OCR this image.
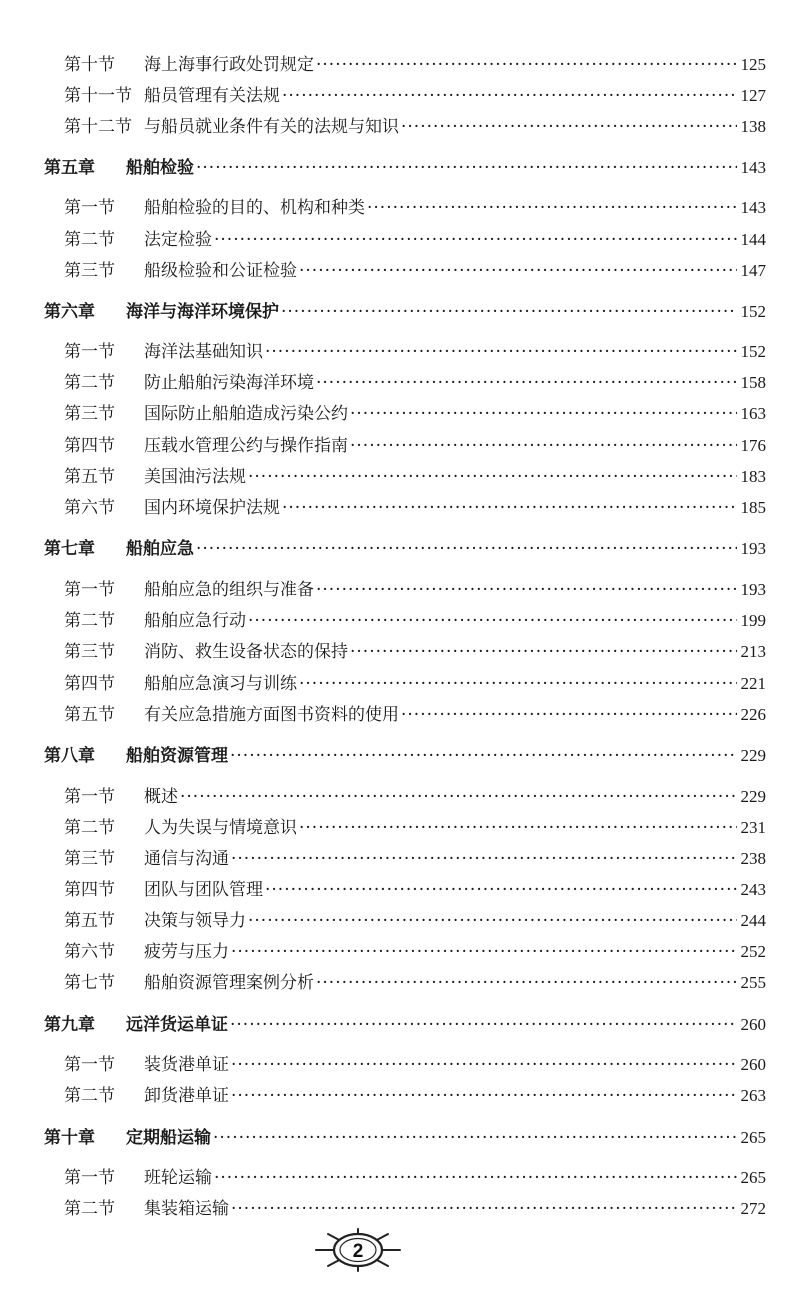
第十节	海上海事行政处罚规定 ·····	125
第十一节 船员管理有关法规 ·····	127
第十二节 与船员就业条件有关的法规与知识 ·····	138
第五章	船舶检验 ·····	143
第一节	船舶检验的目的、机构和种类 ·····	143
第二节	法定检验 ·····	144
第三节	船级检验和公证检验 ·····	147
第六章	海洋与海洋环境保护 ·····	152
第一节	海洋法基础知识 ·····	152
第二节	防止船舶污染海洋环境 ·····	158
第三节	国际防止船舶造成污染公约 ·····	163
第四节	压载水管理公约与操作指南 ·····	176
第五节	美国油污法规 ·····	183
第六节	国内环境保护法规 ·····	185
第七章	船舶应急 ·····	193
第一节	船舶应急的组织与准备 ·····	193
第二节	船舶应急行动 ·····	199
第三节	消防、救生设备状态的保持 ·····	213
第四节	船舶应急演习与训练 ·····	221
第五节	有关应急措施方面图书资料的使用 ·····	226
第八章	船舶资源管理 ·····	229
第一节	概述 ·····	229
第二节	人为失误与情境意识 ·····	231
第三节	通信与沟通 ·····	238
第四节	团队与团队管理 ·····	243
第五节	决策与领导力 ·····	244
第六节	疲劳与压力 ·····	252
第七节	船舶资源管理案例分析 ·····	255
第九章	远洋货运单证 ·····	260
第一节	装货港单证 ·····	260
第二节	卸货港单证 ·····	263
第十章	定期船运输 ·····	265
第一节	班轮运输 ·····	265
第二节	集装箱运输 ·····	272
2
